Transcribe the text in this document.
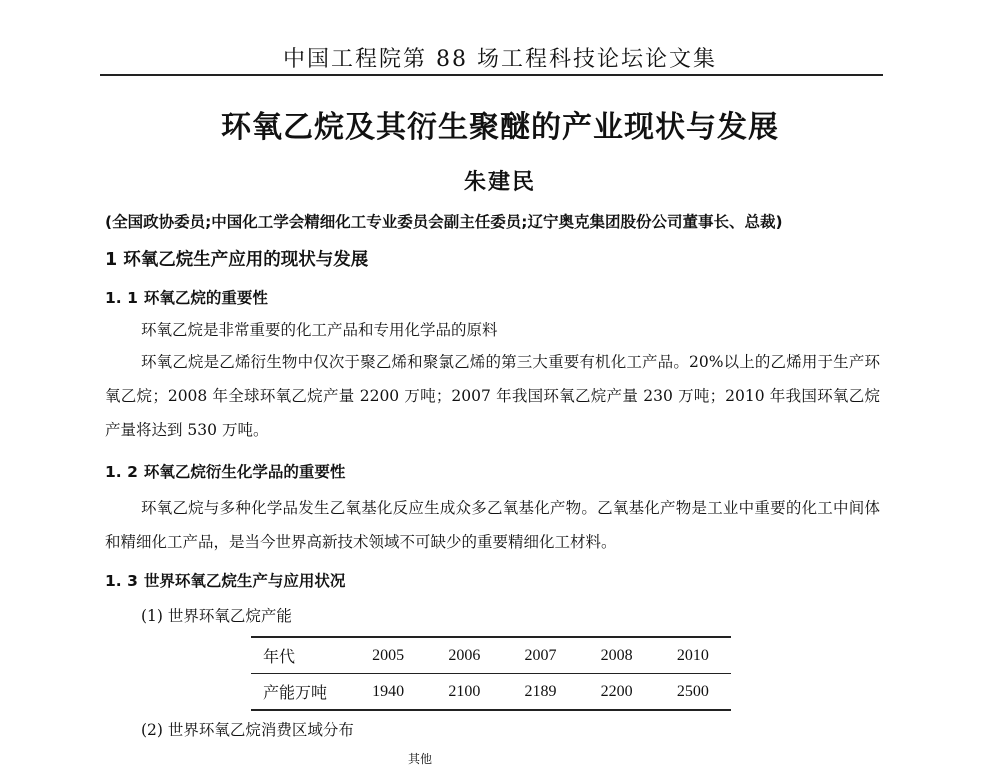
中国工程院第 88 场工程科技论坛论文集
环氧乙烷及其衍生聚醚的产业现状与发展
朱建民
(全国政协委员;中国化工学会精细化工专业委员会副主任委员;辽宁奥克集团股份公司董事长、总裁)
1 环氧乙烷生产应用的现状与发展
1. 1 环氧乙烷的重要性
环氧乙烷是非常重要的化工产品和专用化学品的原料
环氧乙烷是乙烯衍生物中仅次于聚乙烯和聚氯乙烯的第三大重要有机化工产品。20%以上的乙烯用于生产环氧乙烷；2008 年全球环氧乙烷产量 2200 万吨；2007 年我国环氧乙烷产量 230 万吨；2010 年我国环氧乙烷产量将达到 530 万吨。
1. 2 环氧乙烷衍生化学品的重要性
环氧乙烷与多种化学品发生乙氧基化反应生成众多乙氧基化产物。乙氧基化产物是工业中重要的化工中间体和精细化工产品，是当今世界高新技术领域不可缺少的重要精细化工材料。
1. 3 世界环氧乙烷生产与应用状况
(1) 世界环氧乙烷产能
年代	2005	2006	2007	2008	2010
产能万吨	1940	2100	2189	2200	2500
(2) 世界环氧乙烷消费区域分布
其他
